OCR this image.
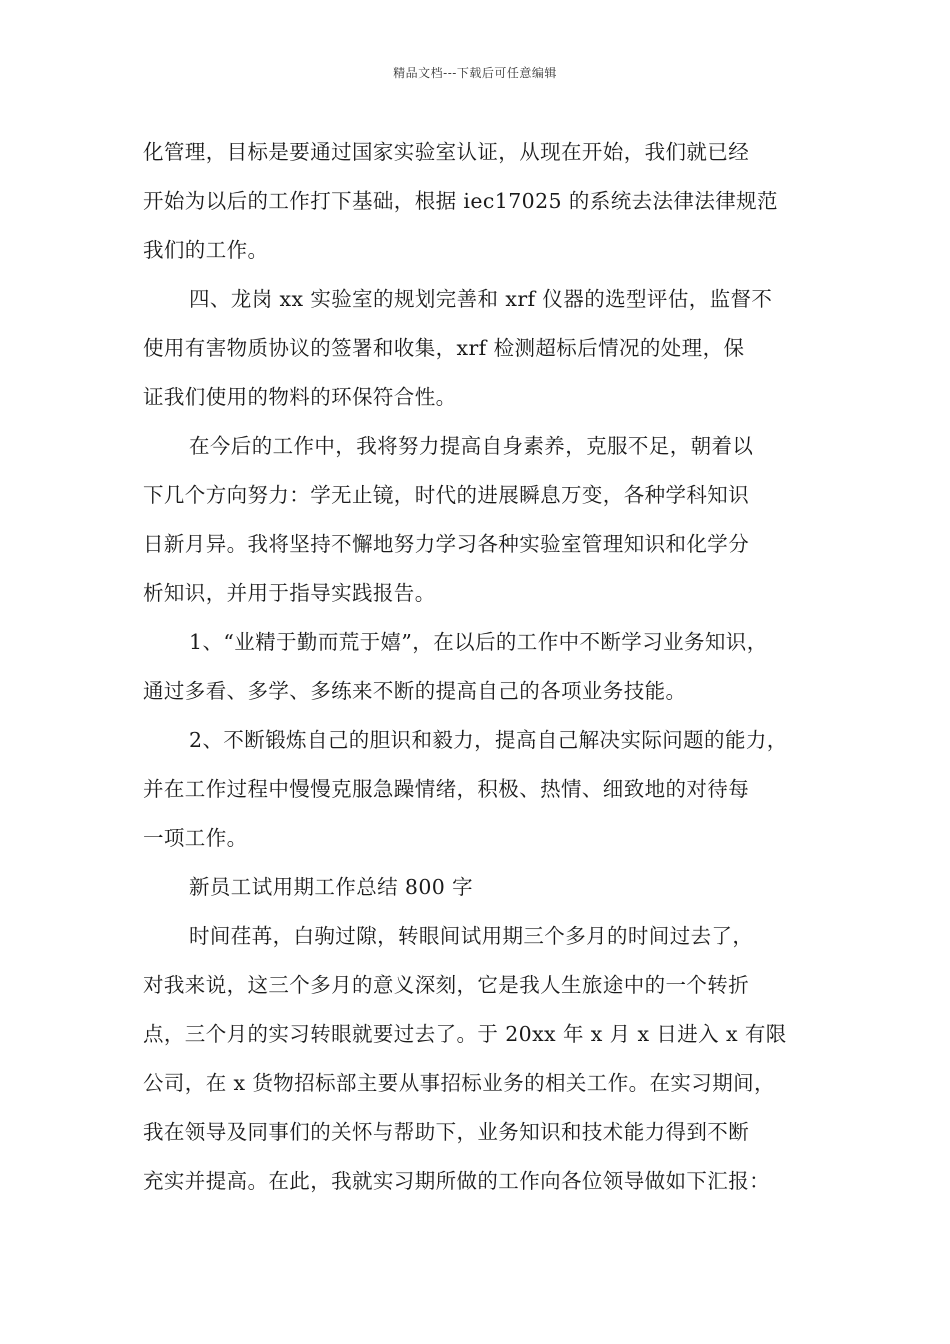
精品文档---下载后可任意编辑
化管理，目标是要通过国家实验室认证，从现在开始，我们就已经
开始为以后的工作打下基础，根据 iec17025 的系统去法律法律规范
我们的工作。
四、龙岗 xx 实验室的规划完善和 xrf 仪器的选型评估，监督不
使用有害物质协议的签署和收集，xrf 检测超标后情况的处理，保
证我们使用的物料的环保符合性。
在今后的工作中，我将努力提高自身素养，克服不足，朝着以
下几个方向努力：学无止镜，时代的进展瞬息万变，各种学科知识
日新月异。我将坚持不懈地努力学习各种实验室管理知识和化学分
析知识，并用于指导实践报告。
1、“业精于勤而荒于嬉”，在以后的工作中不断学习业务知识，
通过多看、多学、多练来不断的提高自己的各项业务技能。
2、不断锻炼自己的胆识和毅力，提高自己解决实际问题的能力，
并在工作过程中慢慢克服急躁情绪，积极、热情、细致地的对待每
一项工作。
新员工试用期工作总结 800 字
时间荏苒，白驹过隙，转眼间试用期三个多月的时间过去了，
对我来说，这三个多月的意义深刻，它是我人生旅途中的一个转折
点，三个月的实习转眼就要过去了。于 20xx 年 x 月 x 日进入 x 有限
公司，在 x 货物招标部主要从事招标业务的相关工作。在实习期间，
我在领导及同事们的关怀与帮助下，业务知识和技术能力得到不断
充实并提高。在此，我就实习期所做的工作向各位领导做如下汇报：
